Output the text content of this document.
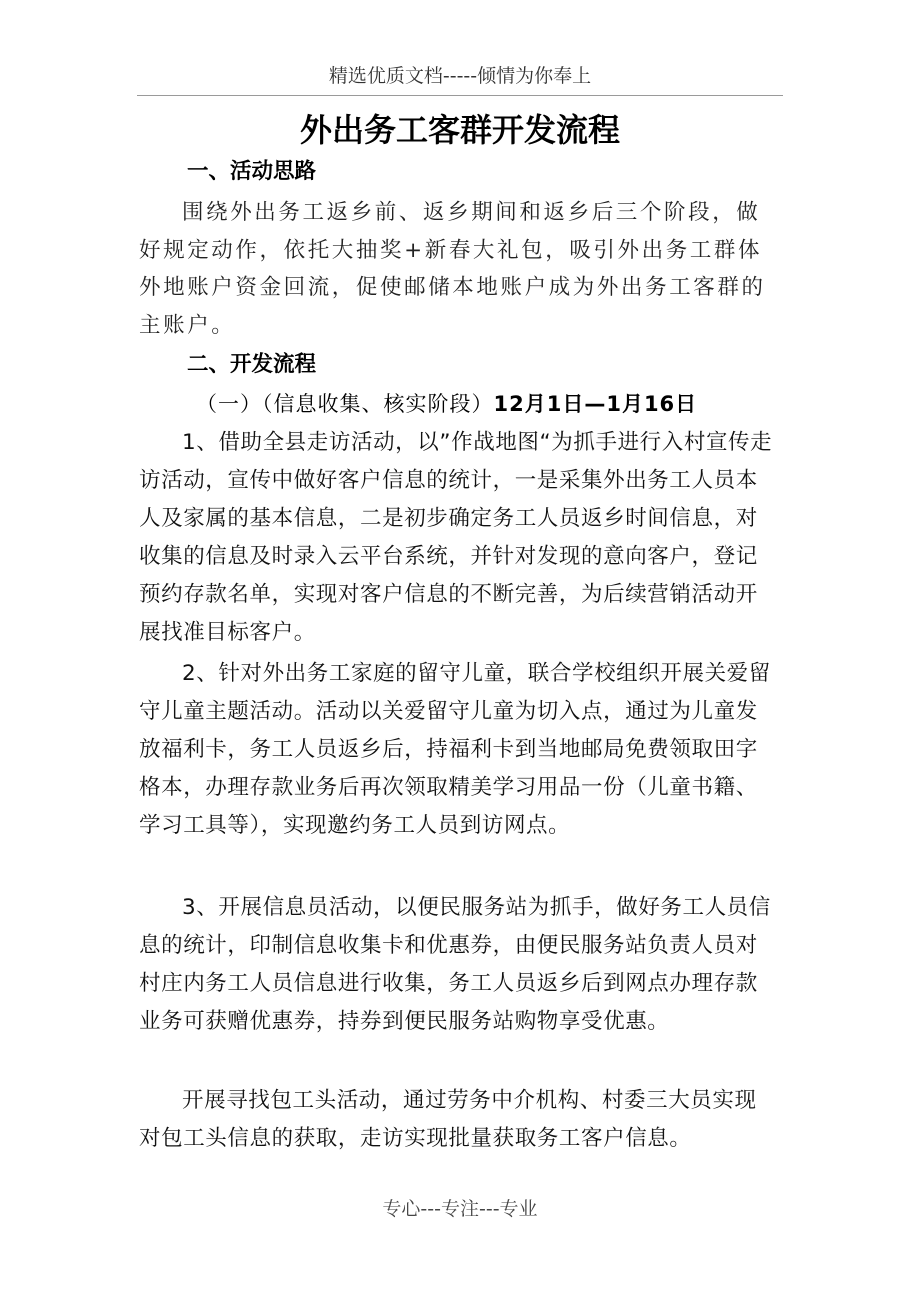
精选优质文档-----倾情为你奉上
外出务工客群开发流程
一、活动思路

围绕外出务工返乡前、返乡期间和返乡后三个阶段，做好规定动作，依托大抽奖+新春大礼包，吸引外出务工群体外地账户资金回流，促使邮储本地账户成为外出务工客群的主账户。

二、开发流程
（一）（信息收集、核实阶段）12月1日—1月16日

1、借助全县走访活动，以”作战地图“为抓手进行入村宣传走访活动，宣传中做好客户信息的统计，一是采集外出务工人员本人及家属的基本信息，二是初步确定务工人员返乡时间信息，对收集的信息及时录入云平台系统，并针对发现的意向客户，登记预约存款名单，实现对客户信息的不断完善，为后续营销活动开展找准目标客户。

2、针对外出务工家庭的留守儿童，联合学校组织开展关爱留守儿童主题活动。活动以关爱留守儿童为切入点，通过为儿童发放福利卡，务工人员返乡后，持福利卡到当地邮局免费领取田字格本，办理存款业务后再次领取精美学习用品一份（儿童书籍、学习工具等），实现邀约务工人员到访网点。

3、开展信息员活动，以便民服务站为抓手，做好务工人员信息的统计，印制信息收集卡和优惠券，由便民服务站负责人员对村庄内务工人员信息进行收集，务工人员返乡后到网点办理存款业务可获赠优惠券，持券到便民服务站购物享受优惠。

开展寻找包工头活动，通过劳务中介机构、村委三大员实现对包工头信息的获取，走访实现批量获取务工客户信息。

专心---专注---专业
